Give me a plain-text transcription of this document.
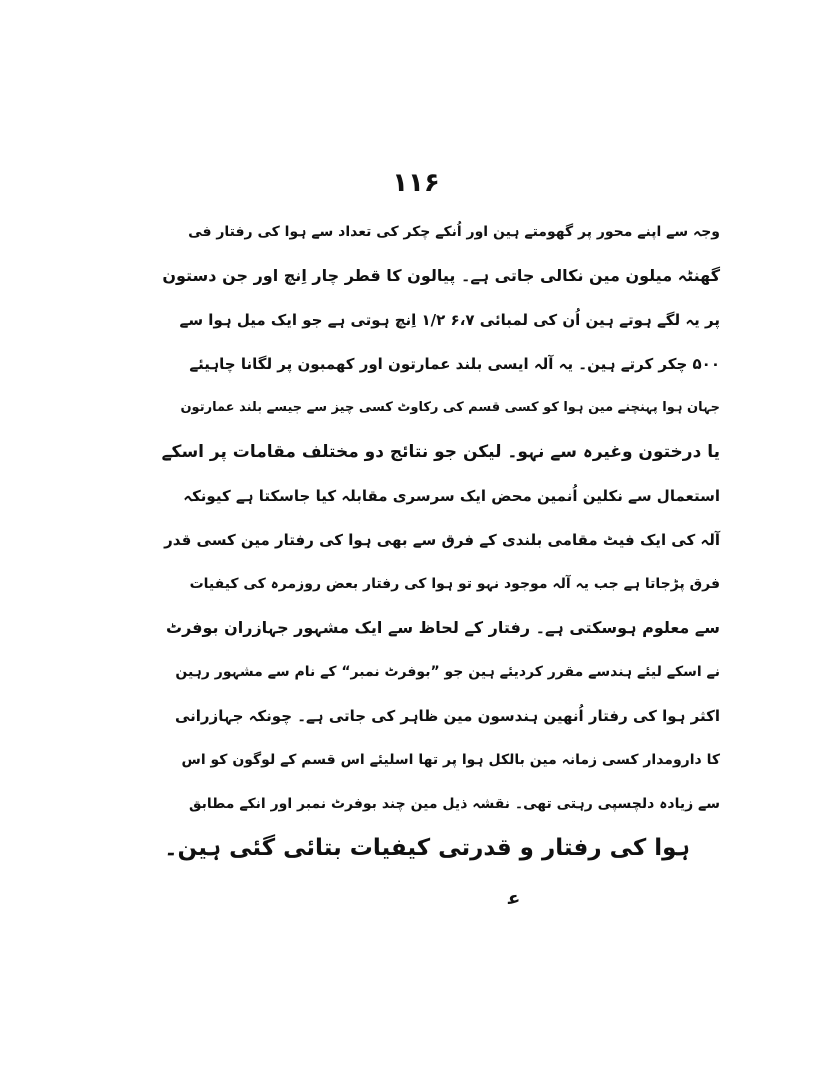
۱۱۶
وجہ سے اپنے محور پر گھومتے ہین اور اُنکے چکر کی تعداد سے ہوا کی رفتار فی
گھنٹہ میلون مین نکالی جاتی ہے۔ پیالون کا قطر چار اِنچ اور جن دستون
پر یہ لگے ہوتے ہین اُن کی لمبائی ۶،۷ ۱/۲ اِنچ ہوتی ہے جو ایک میل ہوا سے
۵۰۰ چکر کرتے ہین۔ یہ آلہ ایسی بلند عمارتون اور کھمبون پر لگانا چاہیئے
جہان ہوا پہنچنے مین ہوا کو کسی قسم کی رکاوٹ کسی چیز سے جیسے بلند عمارتون
یا درختون وغیرہ سے نہو۔ لیکن جو نتائج دو مختلف مقامات پر اسکے
استعمال سے نکلین اُنمین محض ایک سرسری مقابلہ کیا جاسکتا ہے کیونکہ
آلہ کی ایک فیٹ مقامی بلندی کے فرق سے بھی ہوا کی رفتار مین کسی قدر
فرق پڑجاتا ہے جب یہ آلہ موجود نہو تو ہوا کی رفتار بعض روزمرہ کی کیفیات
سے معلوم ہوسکتی ہے۔ رفتار کے لحاظ سے ایک مشہور جہازران بوفرٹ
نے اسکے لیئے ہندسے مقرر کردیئے ہین جو ”بوفرٹ نمبر“ کے نام سے مشہور رہین
اکثر ہوا کی رفتار اُنھین ہندسون مین ظاہر کی جاتی ہے۔ چونکہ جہازرانی
کا دارومدار کسی زمانہ مین بالکل ہوا پر تھا اسلیئے اس قسم کے لوگون کو اس
سے زیادہ دلچسپی رہتی تھی۔ نقشہ ذیل مین چند بوفرٹ نمبر اور انکے مطابق
ہوا کی رفتار و قدرتی کیفیات بتائی گئی ہین۔
ﻋ
